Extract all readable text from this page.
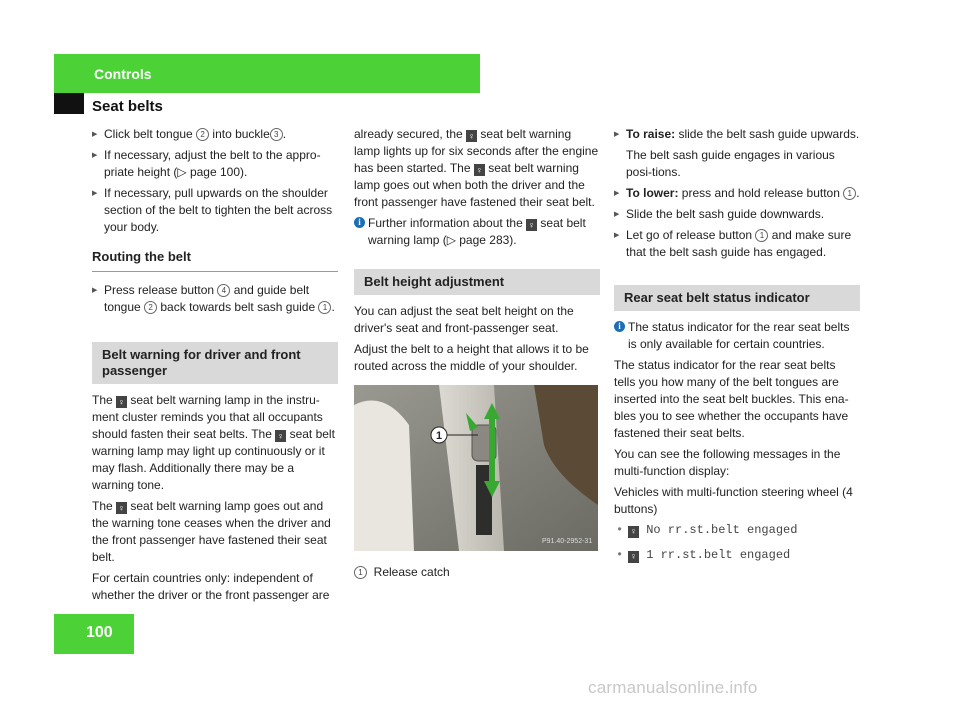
Controls
Seat belts
▶ Click belt tongue 2 into buckle 3 .
▶ If necessary, adjust the belt to the appro-priate height (▷ page 100).
▶ If necessary, pull upwards on the shoulder section of the belt to tighten the belt across your body.
Routing the belt
▶ Press release button 4 and guide belt tongue 2 back towards belt sash guide 1 .
Belt warning for driver and front passenger

The ♀ seat belt warning lamp in the instru-ment cluster reminds you that all occupants should fasten their seat belts. The ♀ seat belt warning lamp may light up continuously or it may flash. Additionally there may be a warning tone.

The ♀ seat belt warning lamp goes out and the warning tone ceases when the driver and the front passenger have fastened their seat belt.

For certain countries only: independent of whether the driver or the front passenger are

already secured, the ♀ seat belt warning lamp lights up for six seconds after the engine has been started. The ♀ seat belt warning lamp goes out when both the driver and the front passenger have fastened their seat belt.

i Further information about the ♀ seat belt warning lamp (▷ page 283).
Belt height adjustment

You can adjust the seat belt height on the driver's seat and front-passenger seat.

Adjust the belt to a height that allows it to be routed across the middle of your shoulder.

1
P91.40-2952-31

1 Release catch

▶ To raise: slide the belt sash guide upwards.

The belt sash guide engages in various posi-tions.

▶ To lower: press and hold release button 1 .
▶ Slide the belt sash guide downwards.
▶ Let go of release button 1 and make sure that the belt sash guide has engaged.
Rear seat belt status indicator
i The status indicator for the rear seat belts is only available for certain countries.

The status indicator for the rear seat belts tells you how many of the belt tongues are inserted into the seat belt buckles. This ena-bles you to see whether the occupants have fastened their seat belts.

You can see the following messages in the multi-function display:

Vehicles with multi-function steering wheel (4 buttons)

• ♀ No rr.st.belt engaged
• ♀ 1 rr.st.belt engaged
100
carmanualsonline.info
